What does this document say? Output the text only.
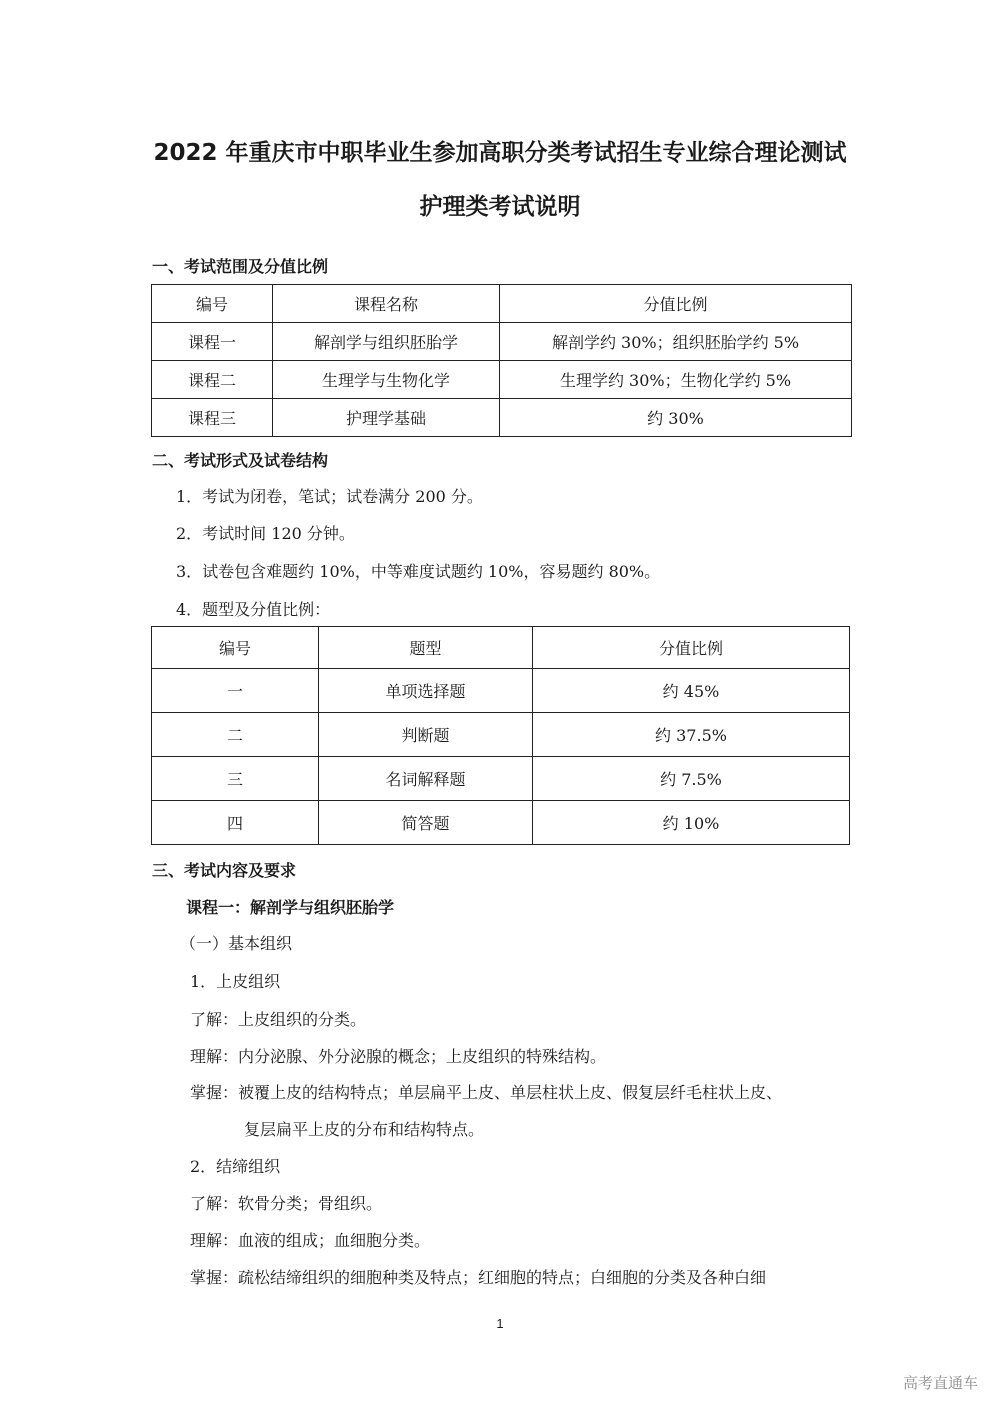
2022 年重庆市中职毕业生参加高职分类考试招生专业综合理论测试
护理类考试说明
一、考试范围及分值比例
编号	课程名称	分值比例
课程一	解剖学与组织胚胎学	解剖学约 30%；组织胚胎学约 5%
课程二	生理学与生物化学	生理学约 30%；生物化学约 5%
课程三	护理学基础	约 30%
二、考试形式及试卷结构
1．考试为闭卷，笔试；试卷满分 200 分。
2．考试时间 120 分钟。
3．试卷包含难题约 10%，中等难度试题约 10%，容易题约 80%。
4．题型及分值比例：
编号	题型	分值比例
一	单项选择题	约 45%
二	判断题	约 37.5%
三	名词解释题	约 7.5%
四	简答题	约 10%
三、考试内容及要求
课程一：解剖学与组织胚胎学
（一）基本组织
1．上皮组织
了解：上皮组织的分类。
理解：内分泌腺、外分泌腺的概念；上皮组织的特殊结构。
掌握：被覆上皮的结构特点；单层扁平上皮、单层柱状上皮、假复层纤毛柱状上皮、
复层扁平上皮的分布和结构特点。
2．结缔组织
了解：软骨分类；骨组织。
理解：血液的组成；血细胞分类。
掌握：疏松结缔组织的细胞种类及特点；红细胞的特点；白细胞的分类及各种白细
1
高考直通车
